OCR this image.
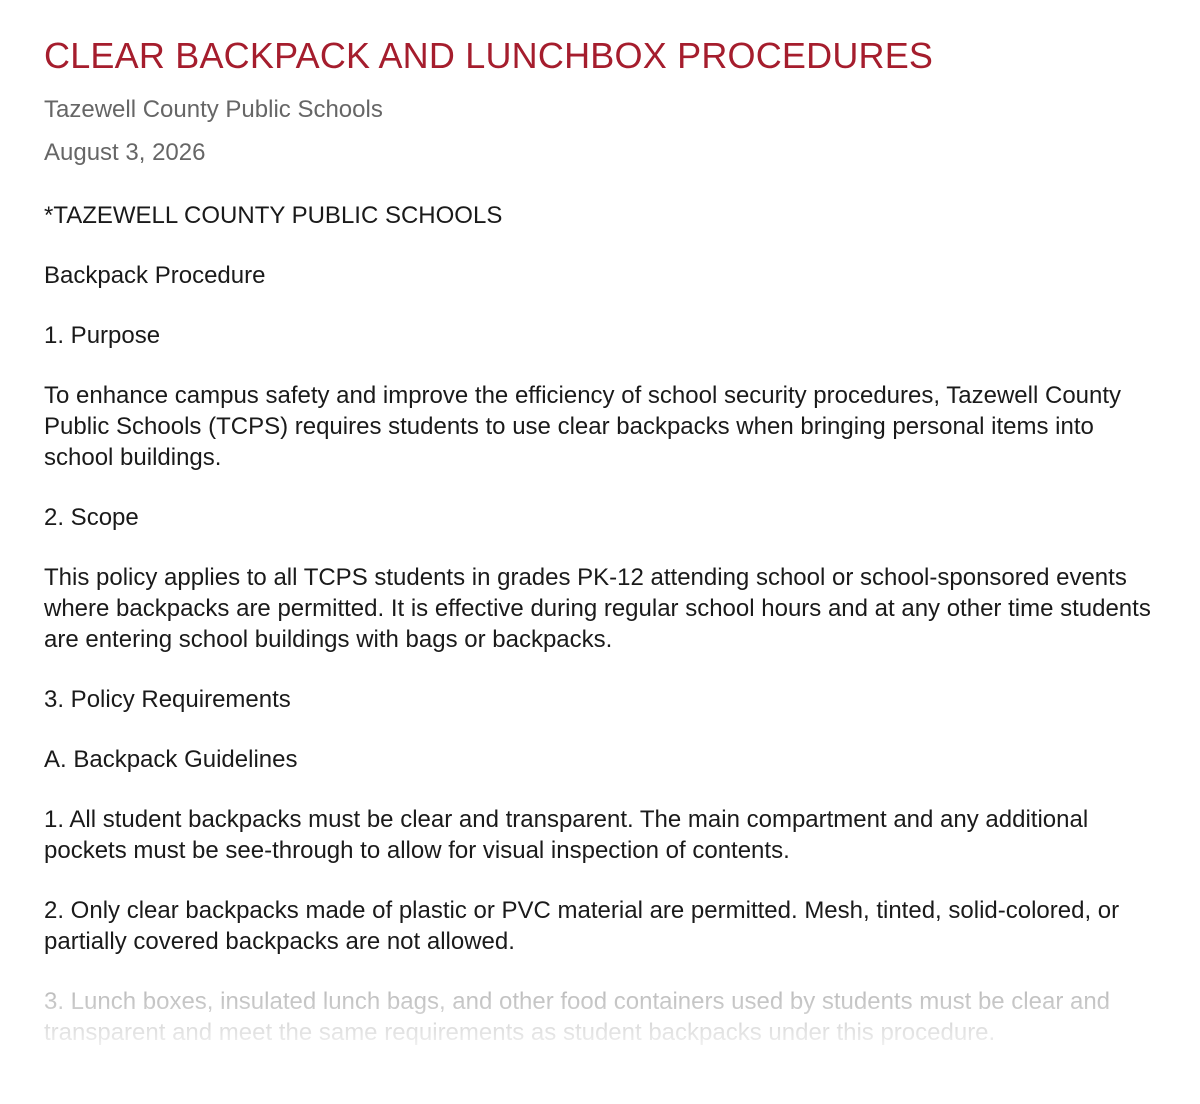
CLEAR BACKPACK AND LUNCHBOX PROCEDURES

Tazewell County Public Schools

August 3, 2026

*TAZEWELL COUNTY PUBLIC SCHOOLS

Backpack Procedure

1. Purpose

To enhance campus safety and improve the efficiency of school security procedures, Tazewell County Public Schools (TCPS) requires students to use clear backpacks when bringing personal items into school buildings.

2. Scope

This policy applies to all TCPS students in grades PK-12 attending school or school-sponsored events where backpacks are permitted. It is effective during regular school hours and at any other time students are entering school buildings with bags or backpacks.

3. Policy Requirements

A. Backpack Guidelines

1. All student backpacks must be clear and transparent. The main compartment and any additional pockets must be see-through to allow for visual inspection of contents.

2. Only clear backpacks made of plastic or PVC material are permitted. Mesh, tinted, solid-colored, or partially covered backpacks are not allowed.

3. Lunch boxes, insulated lunch bags, and other food containers used by students must be clear and transparent and meet the same requirements as student backpacks under this procedure.
